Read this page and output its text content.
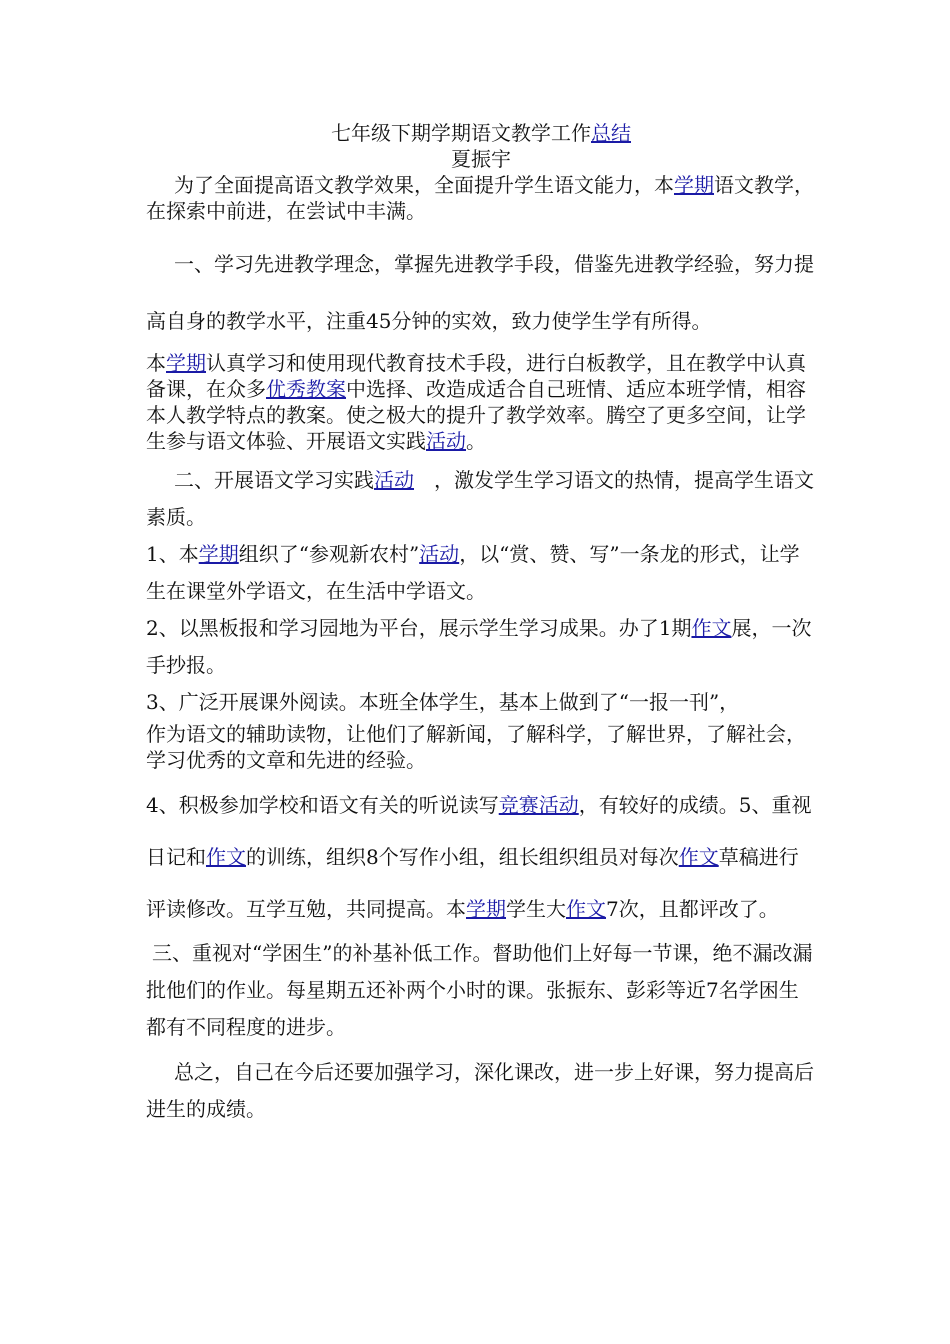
七年级下期学期语文教学工作总结

夏振宇

为了全面提高语文教学效果，全面提升学生语文能力，本学期语文教学，在探索中前进，在尝试中丰满。

一、学习先进教学理念，掌握先进教学手段，借鉴先进教学经验，努力提高自身的教学水平，注重45分钟的实效，致力使学生学有所得。

本学期认真学习和使用现代教育技术手段，进行白板教学，且在教学中认真备课，在众多优秀教案中选择、改造成适合自己班情、适应本班学情，相容本人教学特点的教案。使之极大的提升了教学效率。腾空了更多空间，让学生参与语文体验、开展语文实践活动。

二、开展语文学习实践活动　，激发学生学习语文的热情，提高学生语文素质。

1、本学期组织了“参观新农村”活动，以“赏、赞、写”一条龙的形式，让学生在课堂外学语文，在生活中学语文。

2、以黑板报和学习园地为平台，展示学生学习成果。办了1期作文展，一次手抄报。

3、广泛开展课外阅读。本班全体学生，基本上做到了“一报一刊”，

作为语文的辅助读物，让他们了解新闻，了解科学，了解世界，了解社会，学习优秀的文章和先进的经验。

4、积极参加学校和语文有关的听说读写竞赛活动，有较好的成绩。5、重视日记和作文的训练，组织8个写作小组，组长组织组员对每次作文草稿进行评读修改。互学互勉，共同提高。本学期学生大作文7次，且都评改了。

三、重视对“学困生”的补基补低工作。督助他们上好每一节课，绝不漏改漏批他们的作业。每星期五还补两个小时的课。张振东、彭彩等近7名学困生都有不同程度的进步。

总之，自己在今后还要加强学习，深化课改，进一步上好课，努力提高后进生的成绩。
